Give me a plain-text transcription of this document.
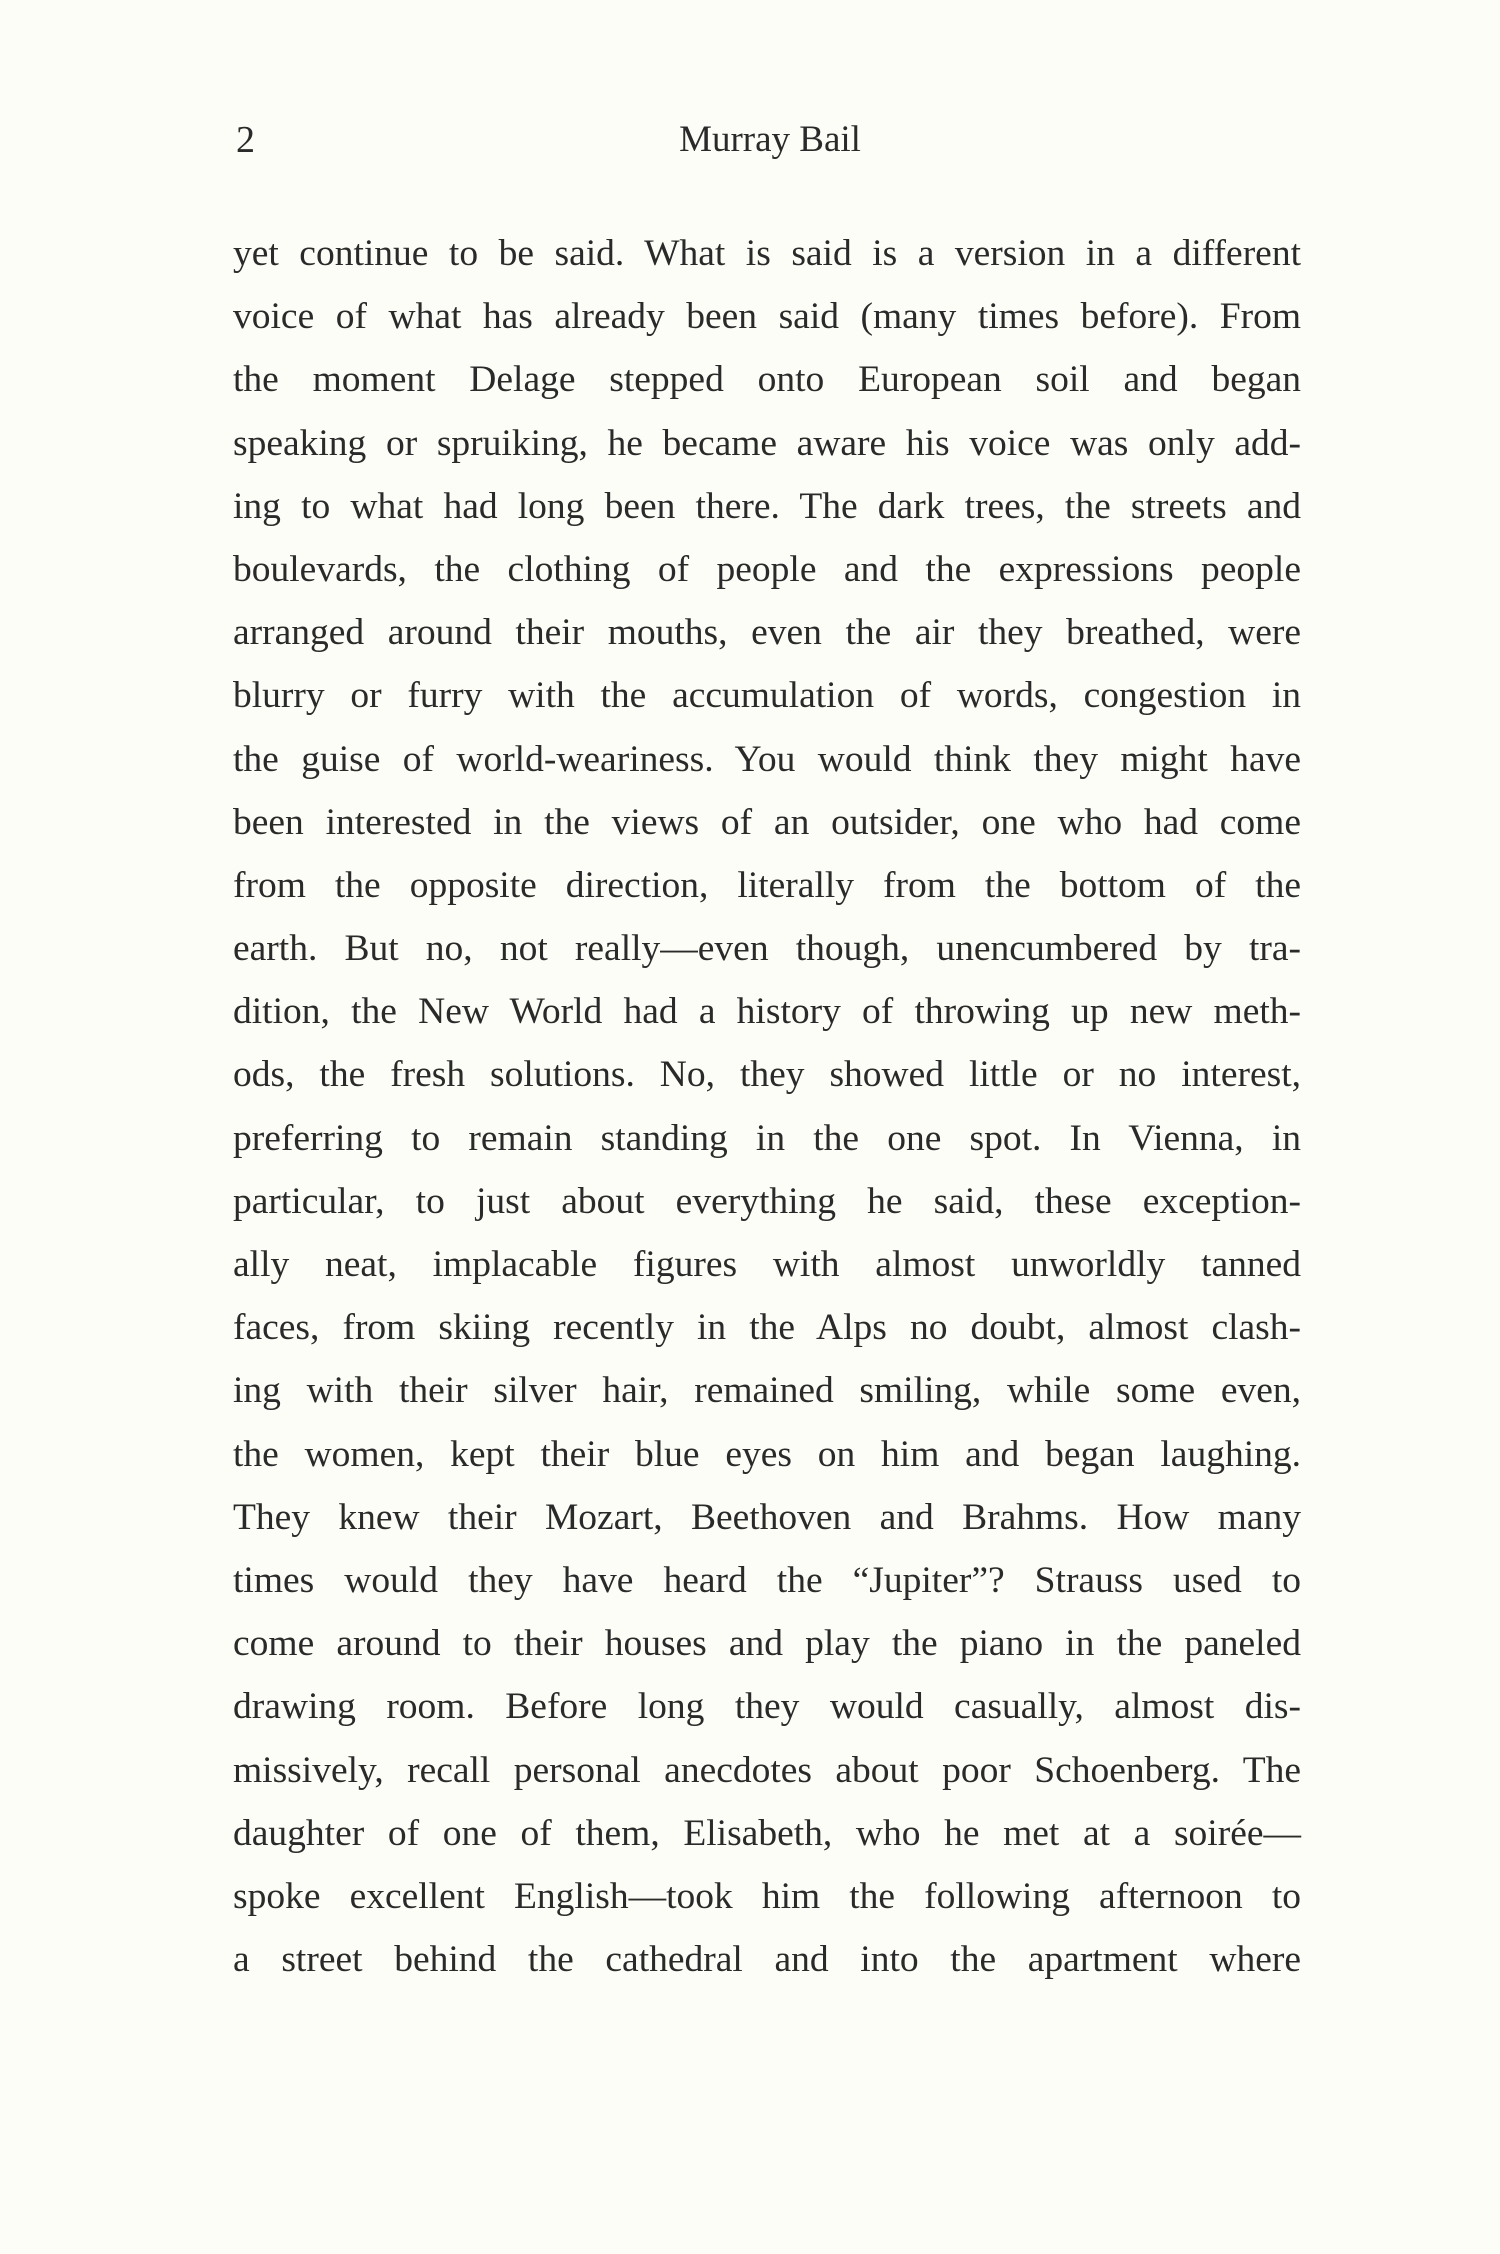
2	Murray Bail
yet continue to be said. What is said is a version in a different
voice of what has already been said (many times before). From
the moment Delage stepped onto European soil and began
speaking or spruiking, he became aware his voice was only add-
ing to what had long been there. The dark trees, the streets and
boulevards, the clothing of people and the expressions people
arranged around their mouths, even the air they breathed, were
blurry or furry with the accumulation of words, congestion in
the guise of world-weariness. You would think they might have
been interested in the views of an outsider, one who had come
from the opposite direction, literally from the bottom of the
earth. But no, not really—even though, unencumbered by tra-
dition, the New World had a history of throwing up new meth-
ods, the fresh solutions. No, they showed little or no interest,
preferring to remain standing in the one spot. In Vienna, in
particular, to just about everything he said, these exception-
ally neat, implacable figures with almost unworldly tanned
faces, from skiing recently in the Alps no doubt, almost clash-
ing with their silver hair, remained smiling, while some even,
the women, kept their blue eyes on him and began laughing.
They knew their Mozart, Beethoven and Brahms. How many
times would they have heard the “Jupiter”? Strauss used to
come around to their houses and play the piano in the paneled
drawing room. Before long they would casually, almost dis-
missively, recall personal anecdotes about poor Schoenberg. The
daughter of one of them, Elisabeth, who he met at a soirée—
spoke excellent English—took him the following afternoon to
a street behind the cathedral and into the apartment where
